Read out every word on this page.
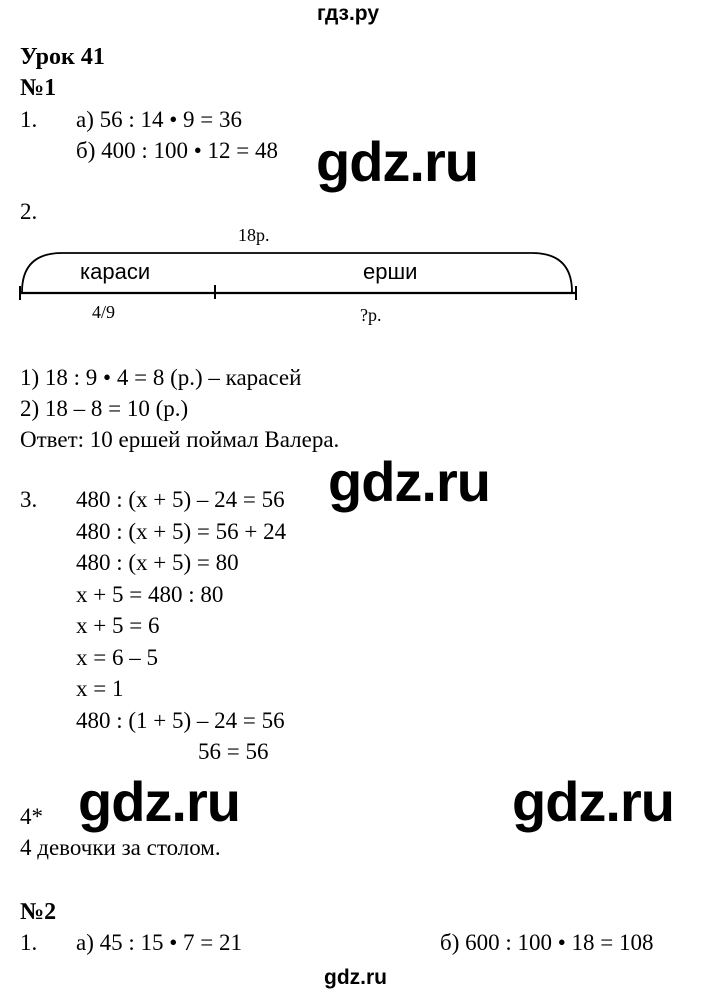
гдз.ру
Урок 41
№1
1. а) 56 : 14 • 9 = 36
б) 400 : 100 • 12 = 48 gdz.ru
2.
18р.
караси	ерши
4/9	?р.
1) 18 : 9 • 4 = 8 (р.) – карасей
2) 18 – 8 = 10 (р.)
Ответ: 10 ершей поймал Валера.
gdz.ru
3. 480 : (x + 5) – 24 = 56
480 : (x + 5) = 56 + 24
480 : (x + 5) = 80
x + 5 = 480 : 80
x + 5 = 6
x = 6 – 5
x = 1
480 : (1 + 5) – 24 = 56
56 = 56
4* gdz.ru	gdz.ru
4 девочки за столом.
№2
1. а) 45 : 15 • 7 = 21	б) 600 : 100 • 18 = 108
gdz.ru
